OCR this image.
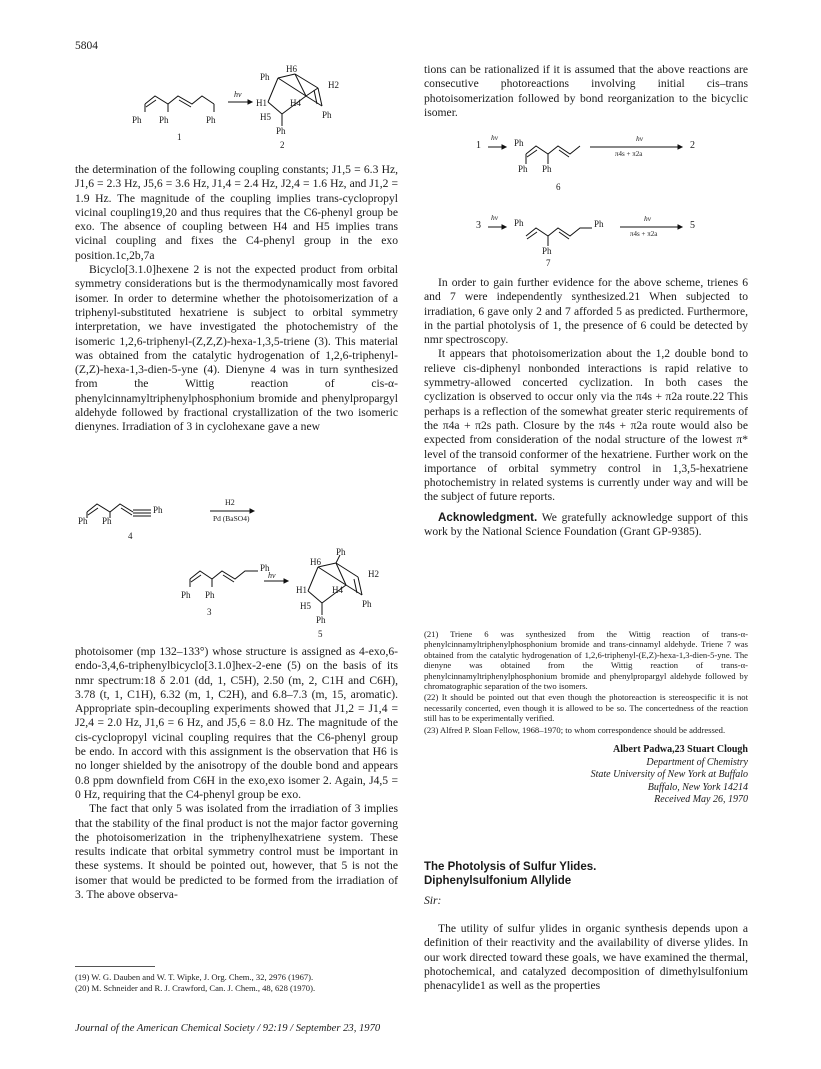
5804
Ph Ph	Ph
1
hν
Ph
H6
H2
H1	H4
H5	Ph
Ph
2

the determination of the following coupling constants; J1,5 = 6.3 Hz, J1,6 = 2.3 Hz, J5,6 = 3.6 Hz, J1,4 = 2.4 Hz, J2,4 = 1.6 Hz, and J1,2 = 1.9 Hz. The magnitude of the coupling implies trans-cyclopropyl vicinal coupling19,20 and thus requires that the C6-phenyl group be exo. The absence of coupling between H4 and H5 implies trans vicinal coupling and fixes the C4-phenyl group in the exo position.1c,2b,7a

Bicyclo[3.1.0]hexene 2 is not the expected product from orbital symmetry considerations but is the thermodynamically most favored isomer. In order to determine whether the photoisomerization of a triphenyl-substituted hexatriene is subject to orbital symmetry interpretation, we have investigated the photochemistry of the isomeric 1,2,6-triphenyl-(Z,Z,Z)-hexa-1,3,5-triene (3). This material was obtained from the catalytic hydrogenation of 1,2,6-triphenyl-(Z,Z)-hexa-1,3-dien-5-yne (4). Dienyne 4 was in turn synthesized from the Wittig reaction of cis-α-phenylcinnamyltriphenylphosphonium bromide and phenylpropargyl aldehyde followed by fractional crystallization of the two isomeric dienynes. Irradiation of 3 in cyclohexane gave a new

Ph
Ph Ph
4
H2
Pd (BaSO4)
Ph
Ph Ph
3
hν
H6
Ph
H2
H1	H4
H5	Ph
Ph
5

photoisomer (mp 132–133°) whose structure is assigned as 4-exo,6-endo-3,4,6-triphenylbicyclo[3.1.0]hex-2-ene (5) on the basis of its nmr spectrum:18 δ 2.01 (dd, 1, C5H), 2.50 (m, 2, C1H and C6H), 3.78 (t, 1, C1H), 6.32 (m, 1, C2H), and 6.8–7.3 (m, 15, aromatic). Appropriate spin-decoupling experiments showed that J1,2 = J1,4 = J2,4 = 2.0 Hz, J1,6 = 6 Hz, and J5,6 = 8.0 Hz. The magnitude of the cis-cyclopropyl vicinal coupling requires that the C6-phenyl group be endo. In accord with this assignment is the observation that H6 is no longer shielded by the anisotropy of the double bond and appears 0.8 ppm downfield from C6H in the exo,exo isomer 2. Again, J4,5 = 0 Hz, requiring that the C4-phenyl group be exo.

The fact that only 5 was isolated from the irradiation of 3 implies that the stability of the final product is not the major factor governing the photoisomerization in the triphenylhexatriene system. These results indicate that orbital symmetry control must be important in these systems. It should be pointed out, however, that 5 is not the isomer that would be predicted to be formed from the irradiation of 3. The above observa-

(19) W. G. Dauben and W. T. Wipke, J. Org. Chem., 32, 2976 (1967).

(20) M. Schneider and R. J. Crawford, Can. J. Chem., 48, 628 (1970).

tions can be rationalized if it is assumed that the above reactions are consecutive photoreactions involving initial cis–trans photoisomerization followed by bond reorganization to the bicyclic isomer.

1
hν
Ph
Ph Ph
6
hν
π4s + π2a
2
3
hν
Ph	Ph
Ph
7
hν
π4s + π2a
5

In order to gain further evidence for the above scheme, trienes 6 and 7 were independently synthesized.21 When subjected to irradiation, 6 gave only 2 and 7 afforded 5 as predicted. Furthermore, in the partial photolysis of 1, the presence of 6 could be detected by nmr spectroscopy.

It appears that photoisomerization about the 1,2 double bond to relieve cis-diphenyl nonbonded interactions is rapid relative to symmetry-allowed concerted cyclization. In both cases the cyclization is observed to occur only via the π4s + π2a route.22 This perhaps is a reflection of the somewhat greater steric requirements of the π4a + π2s path. Closure by the π4s + π2a route would also be expected from consideration of the nodal structure of the lowest π* level of the transoid conformer of the hexatriene. Further work on the importance of orbital symmetry control in 1,3,5-hexatriene photochemistry in related systems is currently under way and will be the subject of future reports.

Acknowledgment. We gratefully acknowledge support of this work by the National Science Foundation (Grant GP-9385).

(21) Triene 6 was synthesized from the Wittig reaction of trans-α-phenylcinnamyltriphenylphosphonium bromide and trans-cinnamyl aldehyde. Triene 7 was obtained from the catalytic hydrogenation of 1,2,6-triphenyl-(E,Z)-hexa-1,3-dien-5-yne. The dienyne was obtained from the Wittig reaction of trans-α-phenylcinnamyltriphenylphosphonium bromide and phenylpropargyl aldehyde followed by chromatographic separation of the two isomers.

(22) It should be pointed out that even though the photoreaction is stereospecific it is not necessarily concerted, even though it is allowed to be so. The concertedness of the reaction still has to be experimentally verified.

(23) Alfred P. Sloan Fellow, 1968–1970; to whom correspondence should be addressed.

Albert Padwa,23 Stuart Clough
Department of Chemistry
State University of New York at Buffalo
Buffalo, New York 14214
Received May 26, 1970
The Photolysis of Sulfur Ylides.
Diphenylsulfonium Allylide
Sir:

The utility of sulfur ylides in organic synthesis depends upon a definition of their reactivity and the availability of diverse ylides. In our work directed toward these goals, we have examined the thermal, photochemical, and catalyzed decomposition of dimethylsulfonium phenacylide1 as well as the properties

Journal of the American Chemical Society / 92:19 / September 23, 1970
